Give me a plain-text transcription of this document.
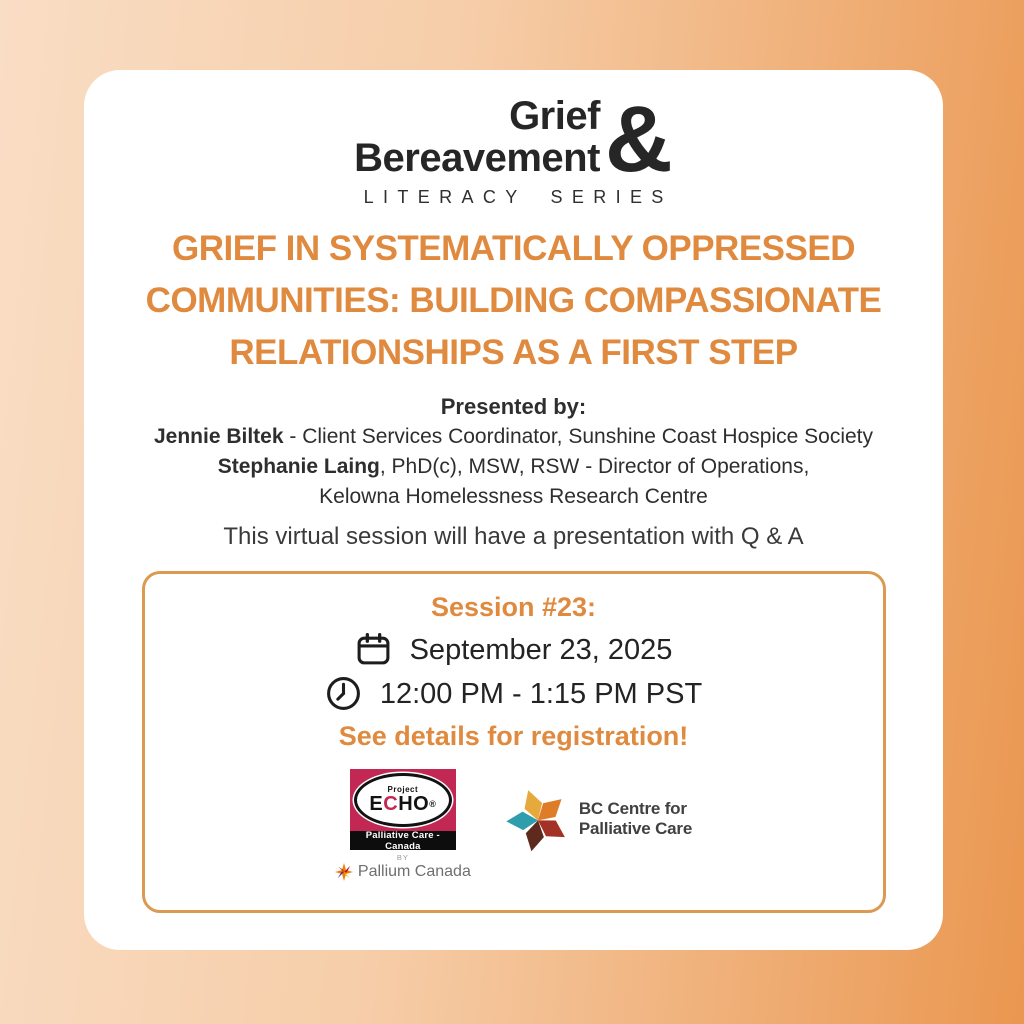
Grief
Bereavement &
LITERACY SERIES
GRIEF IN SYSTEMATICALLY OPPRESSED
COMMUNITIES: BUILDING COMPASSIONATE
RELATIONSHIPS AS A FIRST STEP
Presented by:
Jennie Biltek - Client Services Coordinator, Sunshine Coast Hospice Society
Stephanie Laing, PhD(c), MSW, RSW - Director of Operations,
Kelowna Homelessness Research Centre
This virtual session will have a presentation with Q & A
Session #23:
September 23, 2025
12:00 PM - 1:15 PM PST
See details for registration!
Project
ECHO®
Palliative Care - Canada
BY
Pallium Canada
BC Centre for
Palliative Care
